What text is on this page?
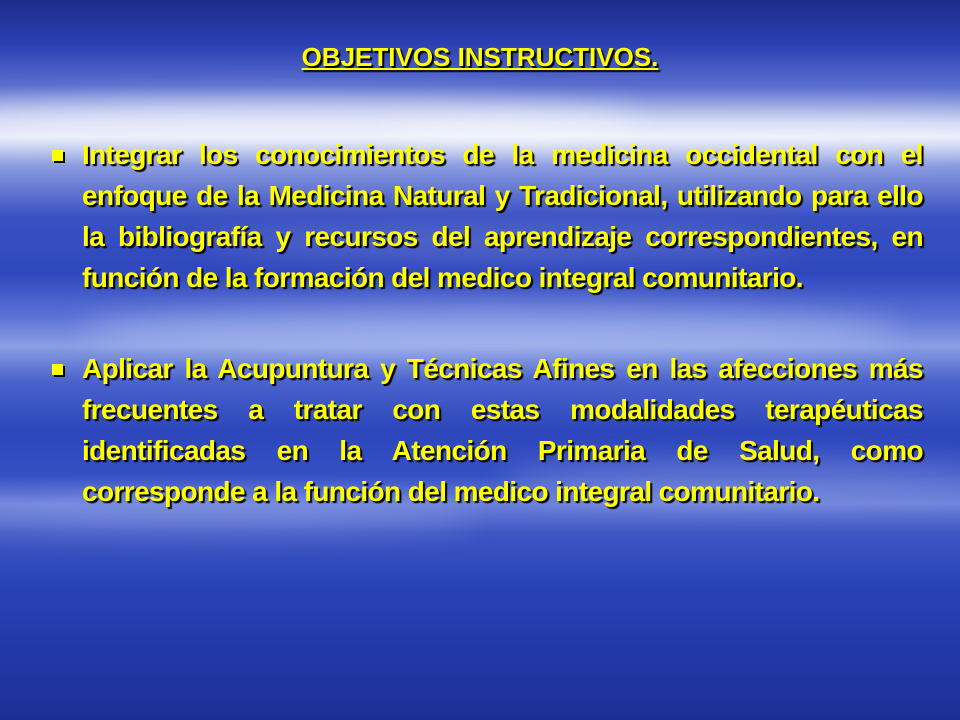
OBJETIVOS INSTRUCTIVOS.
Integrar los conocimientos de la medicina occidental con el enfoque de la Medicina Natural y Tradicional, utilizando para ello la bibliografía y recursos del aprendizaje correspondientes, en función de la formación del medico integral comunitario.
Aplicar la Acupuntura y Técnicas Afines en las afecciones más frecuentes a tratar con estas modalidades terapéuticas identificadas en la Atención Primaria de Salud, como corresponde a la función del medico integral comunitario.
